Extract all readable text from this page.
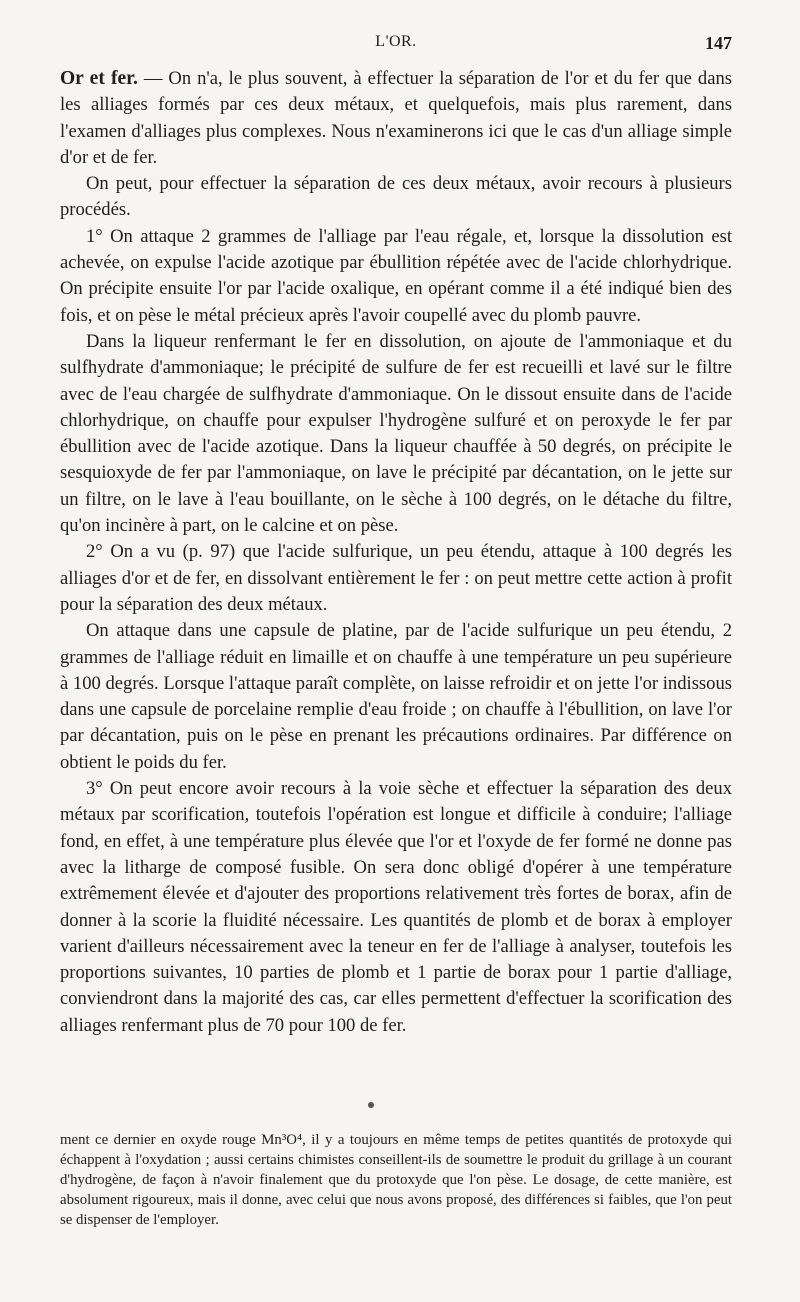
L'OR.	147

Or et fer. — On n'a, le plus souvent, à effectuer la séparation de l'or et du fer que dans les alliages formés par ces deux métaux, et quelquefois, mais plus rarement, dans l'examen d'alliages plus complexes. Nous n'examinerons ici que le cas d'un alliage simple d'or et de fer.

On peut, pour effectuer la séparation de ces deux métaux, avoir recours à plusieurs procédés.

1° On attaque 2 grammes de l'alliage par l'eau régale, et, lorsque la dissolution est achevée, on expulse l'acide azotique par ébullition répétée avec de l'acide chlorhydrique. On précipite ensuite l'or par l'acide oxalique, en opérant comme il a été indiqué bien des fois, et on pèse le métal précieux après l'avoir coupellé avec du plomb pauvre.

Dans la liqueur renfermant le fer en dissolution, on ajoute de l'ammoniaque et du sulfhydrate d'ammoniaque; le précipité de sulfure de fer est recueilli et lavé sur le filtre avec de l'eau chargée de sulfhydrate d'ammoniaque. On le dissout ensuite dans de l'acide chlorhydrique, on chauffe pour expulser l'hydrogène sulfuré et on peroxyde le fer par ébullition avec de l'acide azotique. Dans la liqueur chauffée à 50 degrés, on précipite le sesquioxyde de fer par l'ammoniaque, on lave le précipité par décantation, on le jette sur un filtre, on le lave à l'eau bouillante, on le sèche à 100 degrés, on le détache du filtre, qu'on incinère à part, on le calcine et on pèse.

2° On a vu (p. 97) que l'acide sulfurique, un peu étendu, attaque à 100 degrés les alliages d'or et de fer, en dissolvant entièrement le fer : on peut mettre cette action à profit pour la séparation des deux métaux.

On attaque dans une capsule de platine, par de l'acide sulfurique un peu étendu, 2 grammes de l'alliage réduit en limaille et on chauffe à une température un peu supérieure à 100 degrés. Lorsque l'attaque paraît complète, on laisse refroidir et on jette l'or indissous dans une capsule de porcelaine remplie d'eau froide ; on chauffe à l'ébullition, on lave l'or par décantation, puis on le pèse en prenant les précautions ordinaires. Par différence on obtient le poids du fer.

3° On peut encore avoir recours à la voie sèche et effectuer la séparation des deux métaux par scorification, toutefois l'opération est longue et difficile à conduire; l'alliage fond, en effet, à une température plus élevée que l'or et l'oxyde de fer formé ne donne pas avec la litharge de composé fusible. On sera donc obligé d'opérer à une température extrêmement élevée et d'ajouter des proportions relativement très fortes de borax, afin de donner à la scorie la fluidité nécessaire. Les quantités de plomb et de borax à employer varient d'ailleurs nécessairement avec la teneur en fer de l'alliage à analyser, toutefois les proportions suivantes, 10 parties de plomb et 1 partie de borax pour 1 partie d'alliage, conviendront dans la majorité des cas, car elles permettent d'effectuer la scorification des alliages renfermant plus de 70 pour 100 de fer.

ment ce dernier en oxyde rouge Mn³O⁴, il y a toujours en même temps de petites quantités de protoxyde qui échappent à l'oxydation ; aussi certains chimistes conseillent-ils de soumettre le produit du grillage à un courant d'hydrogène, de façon à n'avoir finalement que du protoxyde que l'on pèse. Le dosage, de cette manière, est absolument rigoureux, mais il donne, avec celui que nous avons proposé, des différences si faibles, que l'on peut se dispenser de l'employer.
